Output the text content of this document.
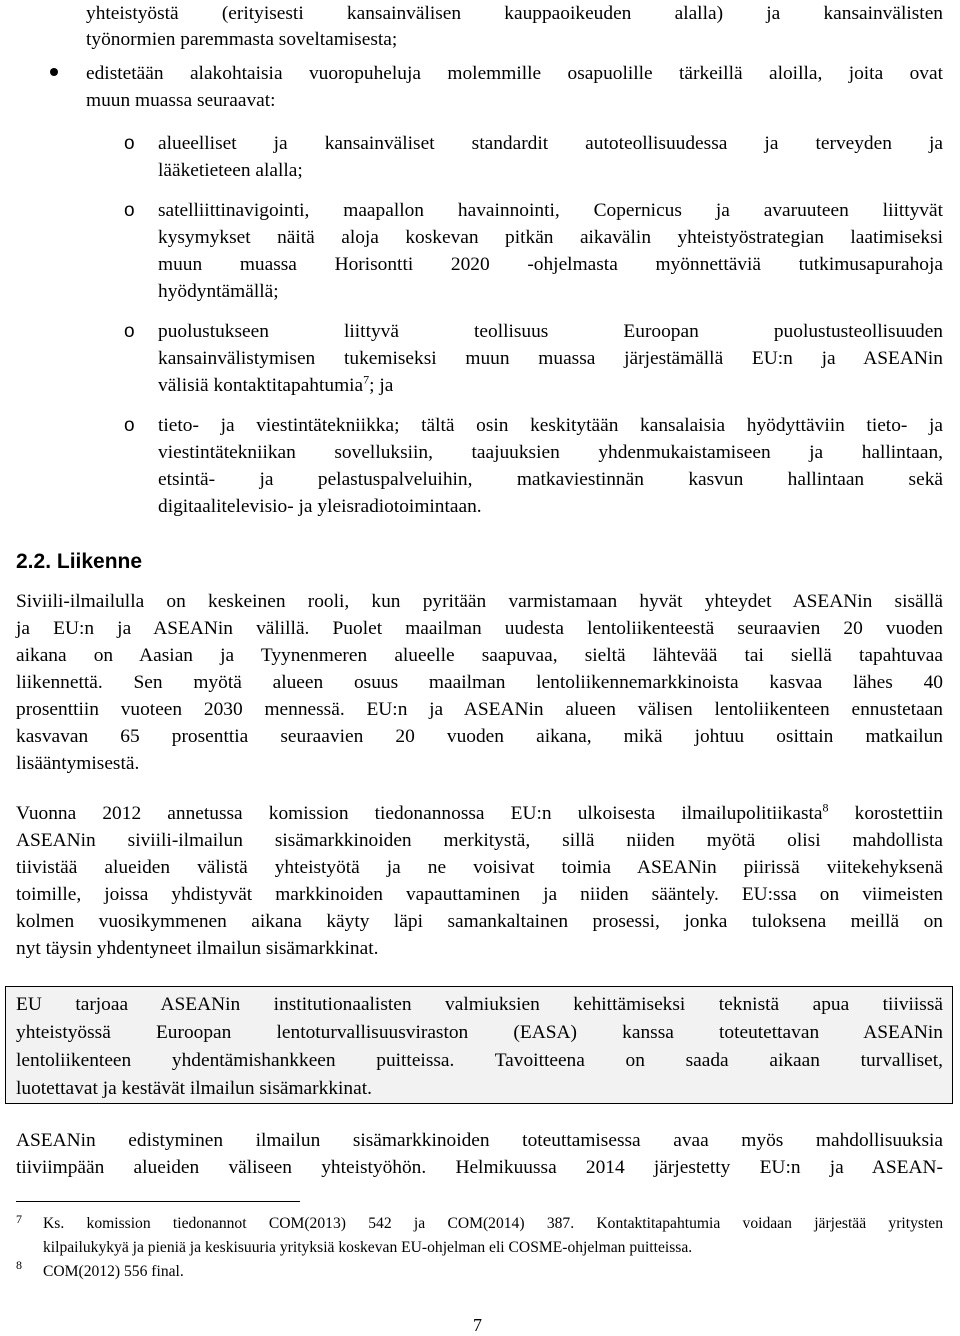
yhteistyöstä (erityisesti kansainvälisen kauppaoikeuden alalla) ja kansainvälisten

työnormien paremmasta soveltamisesta;

edistetään alakohtaisia vuoropuheluja molemmille osapuolille tärkeillä aloilla, joita ovat

muun muassa seuraavat:

o alueelliset ja kansainväliset standardit autoteollisuudessa ja terveyden ja

lääketieteen alalla;

o satelliittinavigointi, maapallon havainnointi, Copernicus ja avaruuteen liittyvät

kysymykset näitä aloja koskevan pitkän aikavälin yhteistyöstrategian laatimiseksi

muun muassa Horisontti 2020 -ohjelmasta myönnettäviä tutkimusapurahoja

hyödyntämällä;

o puolustukseen liittyvä teollisuus Euroopan puolustusteollisuuden

kansainvälistymisen tukemiseksi muun muassa järjestämällä EU:n ja ASEANin

välisiä kontaktitapahtumia$^7$; ja

o tieto- ja viestintätekniikka; tältä osin keskitytään kansalaisia hyödyttäviin tieto- ja

viestintätekniikan sovelluksiin, taajuuksien yhdenmukaistamiseen ja hallintaan,

etsintä- ja pelastuspalveluihin, matkaviestinnän kasvun hallintaan sekä

digitaalitelevisio- ja yleisradiotoimintaan.

2.2. Liikenne

Siviili-ilmailulla on keskeinen rooli, kun pyritään varmistamaan hyvät yhteydet ASEANin sisällä

ja EU:n ja ASEANin välillä. Puolet maailman uudesta lentoliikenteestä seuraavien 20 vuoden

aikana on Aasian ja Tyynenmeren alueelle saapuvaa, sieltä lähtevää tai siellä tapahtuvaa

liikennettä. Sen myötä alueen osuus maailman lentoliikennemarkkinoista kasvaa lähes 40

prosenttiin vuoteen 2030 mennessä. EU:n ja ASEANin alueen välisen lentoliikenteen ennustetaan

kasvavan 65 prosenttia seuraavien 20 vuoden aikana, mikä johtuu osittain matkailun

lisääntymisestä.

Vuonna 2012 annetussa komission tiedonannossa EU:n ulkoisesta ilmailupolitiikasta$^8$ korostettiin

ASEANin siviili-ilmailun sisämarkkinoiden merkitystä, sillä niiden myötä olisi mahdollista

tiivistää alueiden välistä yhteistyötä ja ne voisivat toimia ASEANin piirissä viitekehyksenä

toimille, joissa yhdistyvät markkinoiden vapauttaminen ja niiden sääntely. EU:ssa on viimeisten

kolmen vuosikymmenen aikana käyty läpi samankaltainen prosessi, jonka tuloksena meillä on

nyt täysin yhdentyneet ilmailun sisämarkkinat.

EU tarjoaa ASEANin institutionaalisten valmiuksien kehittämiseksi teknistä apua tiiviissä

yhteistyössä Euroopan lentoturvallisuusviraston (EASA) kanssa toteutettavan ASEANin

lentoliikenteen yhdentämishankkeen puitteissa. Tavoitteena on saada aikaan turvalliset,

luotettavat ja kestävät ilmailun sisämarkkinat.

ASEANin edistyminen ilmailun sisämarkkinoiden toteuttamisessa avaa myös mahdollisuuksia

tiiviimpään alueiden väliseen yhteistyöhön. Helmikuussa 2014 järjestetty EU:n ja ASEAN-

7 Ks. komission tiedonannot COM(2013) 542 ja COM(2014) 387. Kontaktitapahtumia voidaan järjestää yritysten

kilpailukykyä ja pieniä ja keskisuuria yrityksiä koskevan EU-ohjelman eli COSME-ohjelman puitteissa.

8 COM(2012) 556 final.

7
